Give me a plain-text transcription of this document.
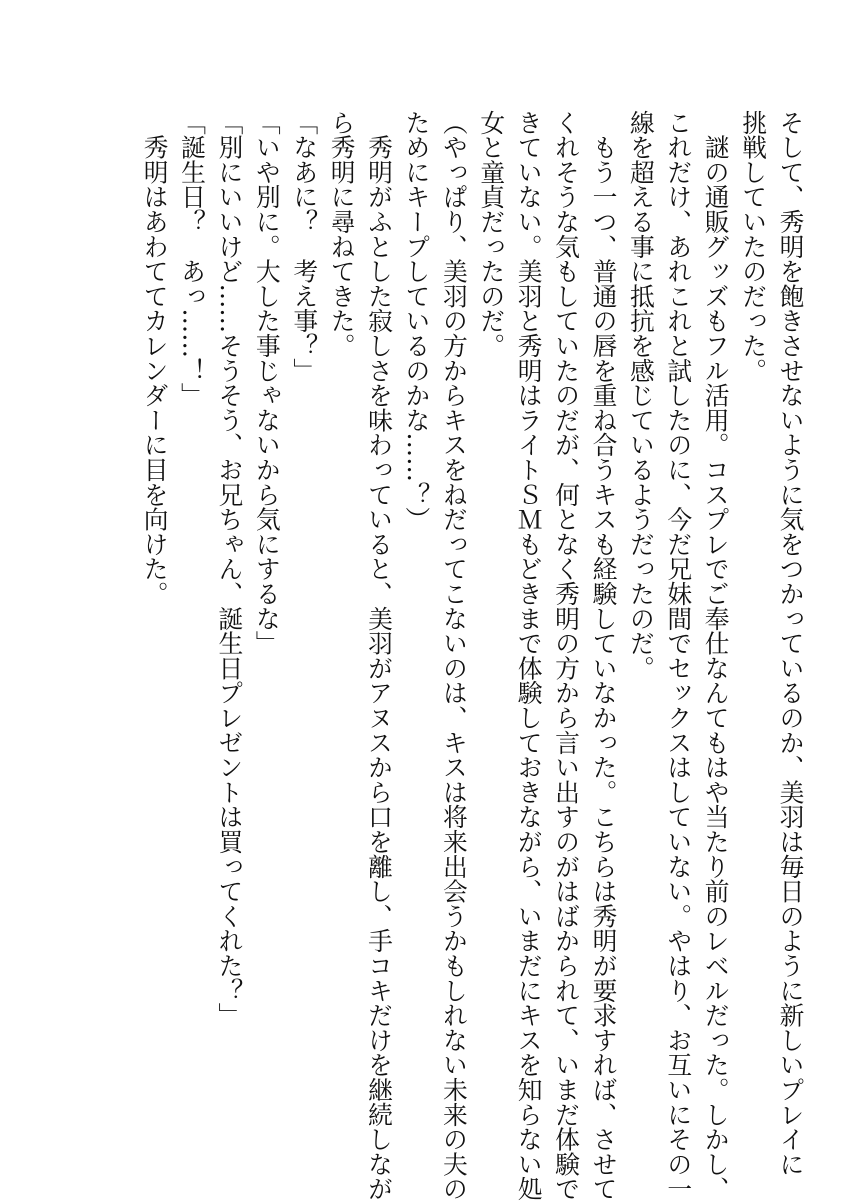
そして、秀明を飽きさせないように気をつかっているのか、美羽は毎日のように新しいプレイに
挑戦していたのだった。
　謎の通販グッズもフル活用。コスプレでご奉仕なんてもはや当たり前のレベルだった。しかし、
これだけ、あれこれと試したのに、今だ兄妹間でセックスはしていない。やはり、お互いにその一
線を超える事に抵抗を感じているようだったのだ。
　もう一つ、普通の唇を重ね合うキスも経験していなかった。こちらは秀明が要求すれば、させて
くれそうな気もしていたのだが、何となく秀明の方から言い出すのがはばかられて、いまだ体験で
きていない。美羽と秀明はライトＳＭもどきまで体験しておきながら、いまだにキスを知らない処
女と童貞だったのだ。
（やっぱり、美羽の方からキスをねだってこないのは、キスは将来出会うかもしれない未来の夫の
ためにキープしているのかな……？）
　秀明がふとした寂しさを味わっていると、美羽がアヌスから口を離し、手コキだけを継続しなが
ら秀明に尋ねてきた。
「なあに？　考え事？」
「いや別に。大した事じゃないから気にするな」
「別にいいけど……そうそう、お兄ちゃん、誕生日プレゼントは買ってくれた？」
「誕生日？　あっ……！」
　秀明はあわててカレンダーに目を向けた。
